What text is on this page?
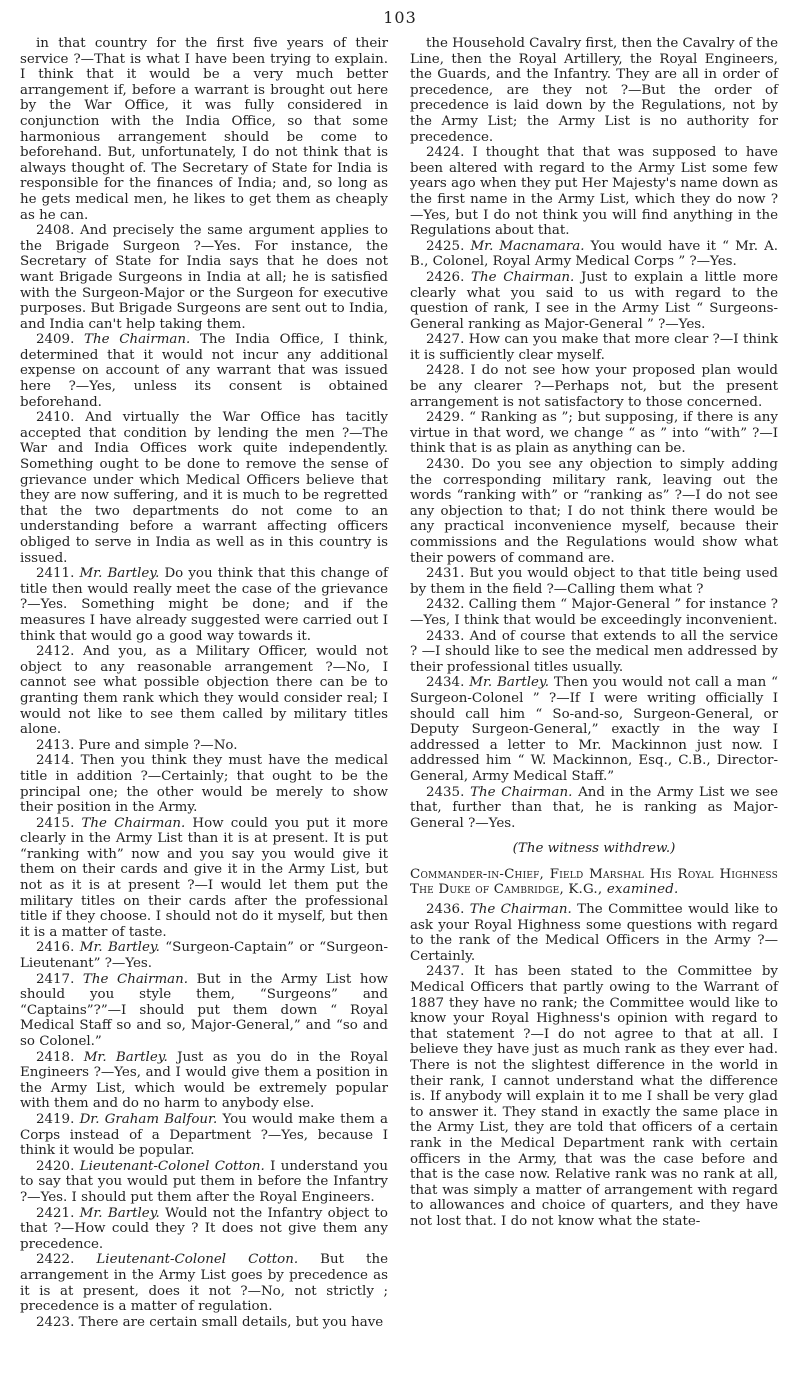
103

in that country for the first five years of their service ?—That is what I have been trying to explain. I think that it would be a very much better arrangement if, before a warrant is brought out here by the War Office, it was fully considered in conjunction with the India Office, so that some harmonious arrangement should be come to beforehand. But, unfortunately, I do not think that is always thought of. The Secretary of State for India is responsible for the finances of India; and, so long as he gets medical men, he likes to get them as cheaply as he can.

2408. And precisely the same argument applies to the Brigade Surgeon ?—Yes. For instance, the Secretary of State for India says that he does not want Brigade Surgeons in India at all; he is satisfied with the Surgeon-Major or the Surgeon for executive purposes. But Brigade Surgeons are sent out to India, and India can't help taking them.

2409. The Chairman. The India Office, I think, determined that it would not incur any additional expense on account of any warrant that was issued here ?—Yes, unless its consent is obtained beforehand.

2410. And virtually the War Office has tacitly accepted that condition by lending the men ?—The War and India Offices work quite independently. Something ought to be done to remove the sense of grievance under which Medical Officers believe that they are now suffering, and it is much to be regretted that the two departments do not come to an understanding before a warrant affecting officers obliged to serve in India as well as in this country is issued.

2411. Mr. Bartley. Do you think that this change of title then would really meet the case of the grievance ?—Yes. Something might be done; and if the measures I have already suggested were carried out I think that would go a good way towards it.

2412. And you, as a Military Officer, would not object to any reasonable arrangement ?—No, I cannot see what possible objection there can be to granting them rank which they would consider real; I would not like to see them called by military titles alone.

2413. Pure and simple ?—No.

2414. Then you think they must have the medical title in addition ?—Certainly; that ought to be the principal one; the other would be merely to show their position in the Army.

2415. The Chairman. How could you put it more clearly in the Army List than it is at present. It is put “ranking with” now and you say you would give it them on their cards and give it in the Army List, but not as it is at present ?—I would let them put the military titles on their cards after the professional title if they choose. I should not do it myself, but then it is a matter of taste.

2416. Mr. Bartley. “Surgeon-Captain” or “Surgeon-Lieutenant” ?—Yes.

2417. The Chairman. But in the Army List how should you style them, “Surgeons” and “Captains”?”—I should put them down “ Royal Medical Staff so and so, Major-General,” and “so and so Colonel.”

2418. Mr. Bartley. Just as you do in the Royal Engineers ?—Yes, and I would give them a position in the Army List, which would be extremely popular with them and do no harm to anybody else.

2419. Dr. Graham Balfour. You would make them a Corps instead of a Department ?—Yes, because I think it would be popular.

2420. Lieutenant-Colonel Cotton. I understand you to say that you would put them in before the Infantry ?—Yes. I should put them after the Royal Engineers.

2421. Mr. Bartley. Would not the Infantry object to that ?—How could they ? It does not give them any precedence.

2422. Lieutenant-Colonel Cotton. But the arrangement in the Army List goes by precedence as it is at present, does it not ?—No, not strictly ; precedence is a matter of regulation.

2423. There are certain small details, but you have

the Household Cavalry first, then the Cavalry of the Line, then the Royal Artillery, the Royal Engineers, the Guards, and the Infantry. They are all in order of precedence, are they not ?—But the order of precedence is laid down by the Regulations, not by the Army List; the Army List is no authority for precedence.

2424. I thought that that was supposed to have been altered with regard to the Army List some few years ago when they put Her Majesty's name down as the first name in the Army List, which they do now ?—Yes, but I do not think you will find anything in the Regulations about that.

2425. Mr. Macnamara. You would have it “ Mr. A. B., Colonel, Royal Army Medical Corps ” ?—Yes.

2426. The Chairman. Just to explain a little more clearly what you said to us with regard to the question of rank, I see in the Army List “ Surgeons-General ranking as Major-General ” ?—Yes.

2427. How can you make that more clear ?—I think it is sufficiently clear myself.

2428. I do not see how your proposed plan would be any clearer ?—Perhaps not, but the present arrangement is not satisfactory to those concerned.

2429. “ Ranking as ”; but supposing, if there is any virtue in that word, we change “ as ” into “with” ?—I think that is as plain as anything can be.

2430. Do you see any objection to simply adding the corresponding military rank, leaving out the words “ranking with” or “ranking as” ?—I do not see any objection to that; I do not think there would be any practical inconvenience myself, because their commissions and the Regulations would show what their powers of command are.

2431. But you would object to that title being used by them in the field ?—Calling them what ?

2432. Calling them “ Major-General ” for instance ? —Yes, I think that would be exceedingly inconvenient.

2433. And of course that extends to all the service ? —I should like to see the medical men addressed by their professional titles usually.

2434. Mr. Bartley. Then you would not call a man “ Surgeon-Colonel ” ?—If I were writing officially I should call him “ So-and-so, Surgeon-General, or Deputy Surgeon-General,” exactly in the way I addressed a letter to Mr. Mackinnon just now. I addressed him “ W. Mackinnon, Esq., C.B., Director-General, Army Medical Staff.”

2435. The Chairman. And in the Army List we see that, further than that, he is ranking as Major-General ?—Yes.

(The witness withdrew.)

Commander-in-Chief, Field Marshal His Royal Highness The Duke of Cambridge, K.G., examined.

2436. The Chairman. The Committee would like to ask your Royal Highness some questions with regard to the rank of the Medical Officers in the Army ?—Certainly.

2437. It has been stated to the Committee by Medical Officers that partly owing to the Warrant of 1887 they have no rank; the Committee would like to know your Royal Highness's opinion with regard to that statement ?—I do not agree to that at all. I believe they have just as much rank as they ever had. There is not the slightest difference in the world in their rank, I cannot understand what the difference is. If anybody will explain it to me I shall be very glad to answer it. They stand in exactly the same place in the Army List, they are told that officers of a certain rank in the Medical Department rank with certain officers in the Army, that was the case before and that is the case now. Relative rank was no rank at all, that was simply a matter of arrangement with regard to allowances and choice of quarters, and they have not lost that. I do not know what the state-
